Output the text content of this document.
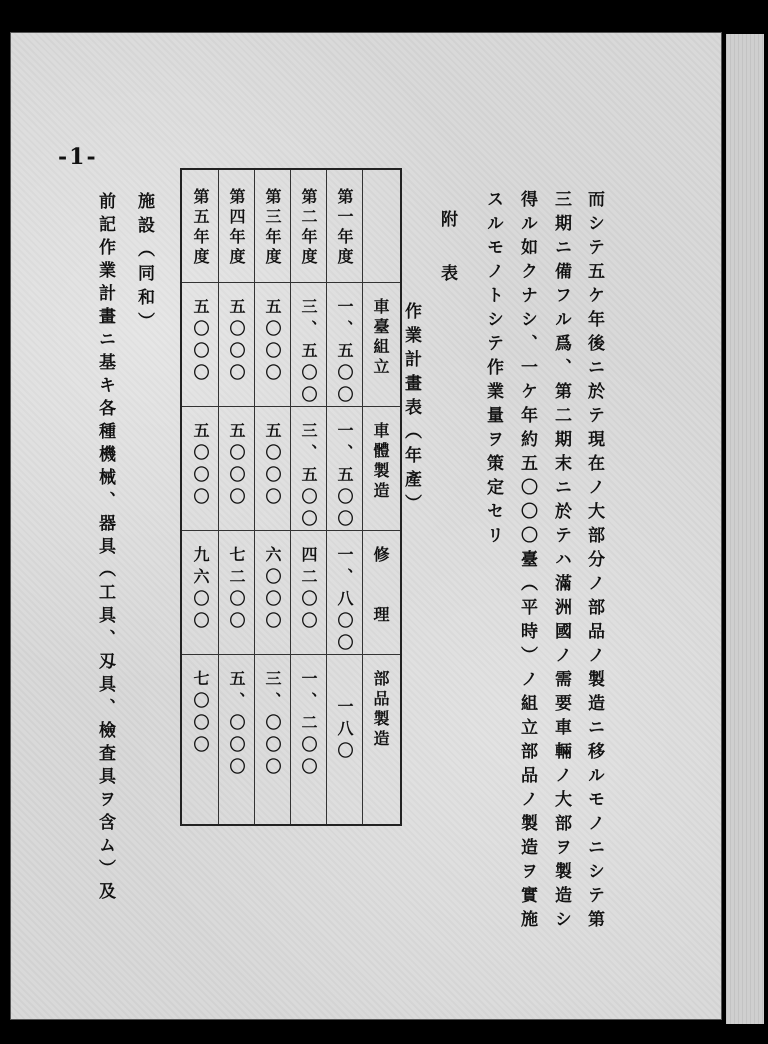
-1-
而シテ五ケ年後ニ於テ現在ノ大部分ノ部品ノ製造ニ移ルモノニシテ第
三期ニ備フル爲、第二期末ニ於テハ滿洲國ノ需要車輛ノ大部ヲ製造シ
得ル如クナシ、一ケ年約五〇〇〇臺（平時）ノ組立部品ノ製造ヲ實施
スルモノトシテ作業量ヲ策定セリ
附　表
作業計畫表（年產）
車臺組立
車體製造
修　　理
部品製造
第一年度
一、五〇〇
一、五〇〇
一、八〇〇
一八〇
第二年度
三、五〇〇
三、五〇〇
四二〇〇
一、二〇〇
第三年度
五〇〇〇
五〇〇〇
六〇〇〇
三、〇〇〇
第四年度
五〇〇〇
五〇〇〇
七二〇〇
五、〇〇〇
第五年度
五〇〇〇
五〇〇〇
九六〇〇
七〇〇〇
施設（同和）
前記作業計畫ニ基キ各種機械、器具（工具、刄具、檢査具ヲ含ム）及
